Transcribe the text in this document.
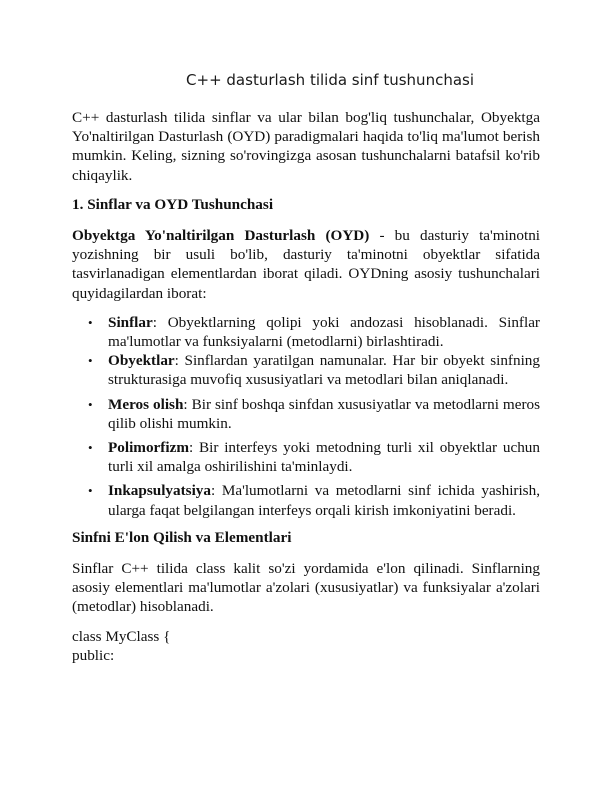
C++ dasturlash tilida sinf tushunchasi

C++ dasturlash tilida sinflar va ular bilan bog'liq tushunchalar, Obyektga Yo'naltirilgan Dasturlash (OYD) paradigmalari haqida to'liq ma'lumot berish mumkin. Keling, sizning so'rovingizga asosan tushunchalarni batafsil ko'rib chiqaylik.

1. Sinflar va OYD Tushunchasi

Obyektga Yo'naltirilgan Dasturlash (OYD) - bu dasturiy ta'minotni yozishning bir usuli bo'lib, dasturiy ta'minotni obyektlar sifatida tasvirlanadigan elementlardan iborat qiladi. OYDning asosiy tushunchalari quyidagilardan iborat:

• Sinflar: Obyektlarning qolipi yoki andozasi hisoblanadi. Sinflar ma'lumotlar va funksiyalarni (metodlarni) birlashtiradi.
• Obyektlar: Sinflardan yaratilgan namunalar. Har bir obyekt sinfning strukturasiga muvofiq xususiyatlari va metodlari bilan aniqlanadi.
• Meros olish: Bir sinf boshqa sinfdan xususiyatlar va metodlarni meros qilib olishi mumkin.
• Polimorfizm: Bir interfeys yoki metodning turli xil obyektlar uchun turli xil amalga oshirilishini ta'minlaydi.
• Inkapsulyatsiya: Ma'lumotlarni va metodlarni sinf ichida yashirish, ularga faqat belgilangan interfeys orqali kirish imkoniyatini beradi.

Sinfni E'lon Qilish va Elementlari

Sinflar C++ tilida class kalit so'zi yordamida e'lon qilinadi. Sinflarning asosiy elementlari ma'lumotlar a'zolari (xususiyatlar) va funksiyalar a'zolari (metodlar) hisoblanadi.

class MyClass {
public:
